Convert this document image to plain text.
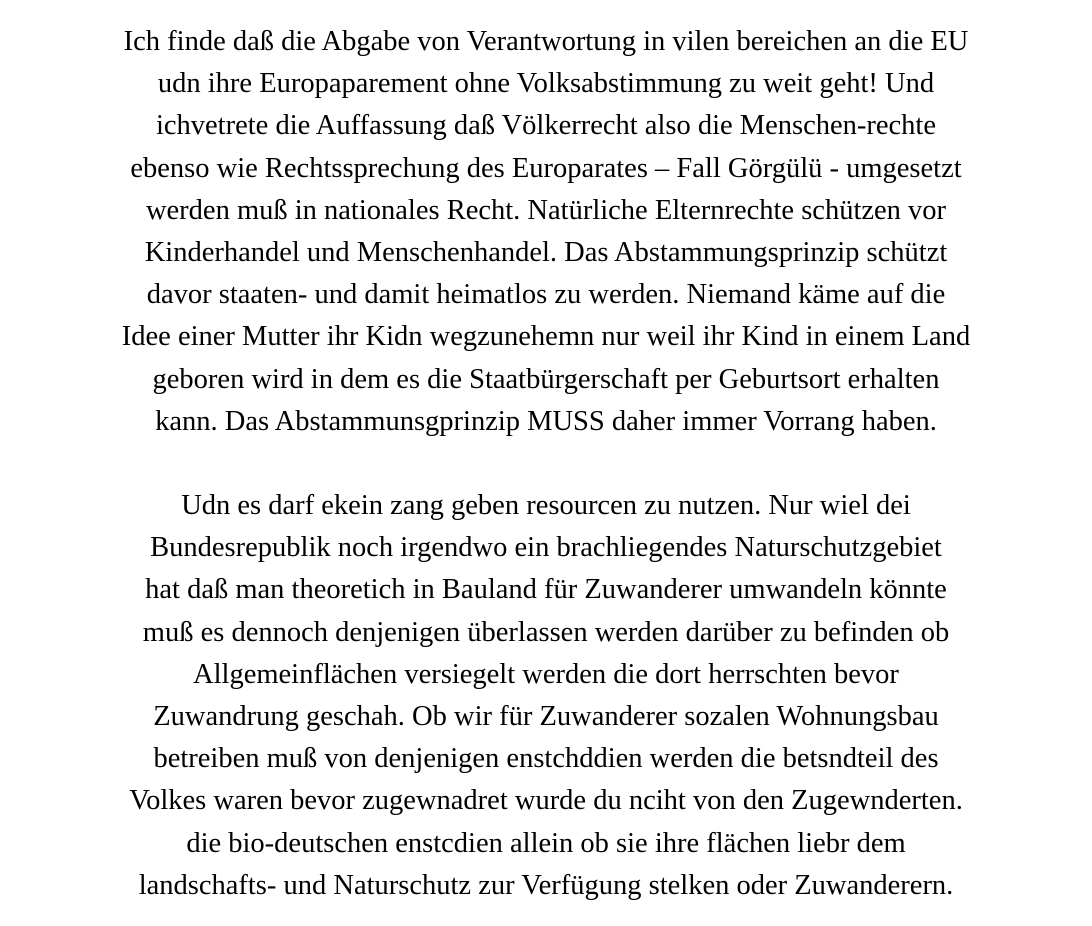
Ich finde daß die Abgabe von Verantwortung in vilen bereichen an die EU
udn ihre Europaparement ohne Volksabstimmung zu weit geht! Und
ichvetrete die Auffassung daß Völkerrecht also die Menschen-rechte
ebenso wie Rechtssprechung des Europarates – Fall Görgülü - umgesetzt
werden muß in nationales Recht. Natürliche Elternrechte schützen vor
Kinderhandel und Menschenhandel. Das Abstammungsprinzip schützt
davor staaten- und damit heimatlos zu werden. Niemand käme auf die
Idee einer Mutter ihr Kidn wegzunehemn nur weil ihr Kind in einem Land
geboren wird in dem es die Staatbürgerschaft per Geburtsort erhalten
kann. Das Abstammunsgprinzip MUSS daher immer Vorrang haben.
Udn es darf ekein zang geben resourcen zu nutzen. Nur wiel dei
Bundesrepublik noch irgendwo ein brachliegendes Naturschutzgebiet
hat daß man theoretich in Bauland für Zuwanderer umwandeln könnte
muß es dennoch denjenigen überlassen werden darüber zu befinden ob
Allgemeinflächen versiegelt werden die dort herrschten bevor
Zuwandrung geschah. Ob wir für Zuwanderer sozalen Wohnungsbau
betreiben muß von denjenigen enstchddien werden die betsndteil des
Volkes waren bevor zugewnadret wurde du nciht von den Zugewnderten.
die bio-deutschen enstcdien allein ob sie ihre flächen liebr dem
landschafts- und Naturschutz zur Verfügung stelken oder Zuwanderern.
